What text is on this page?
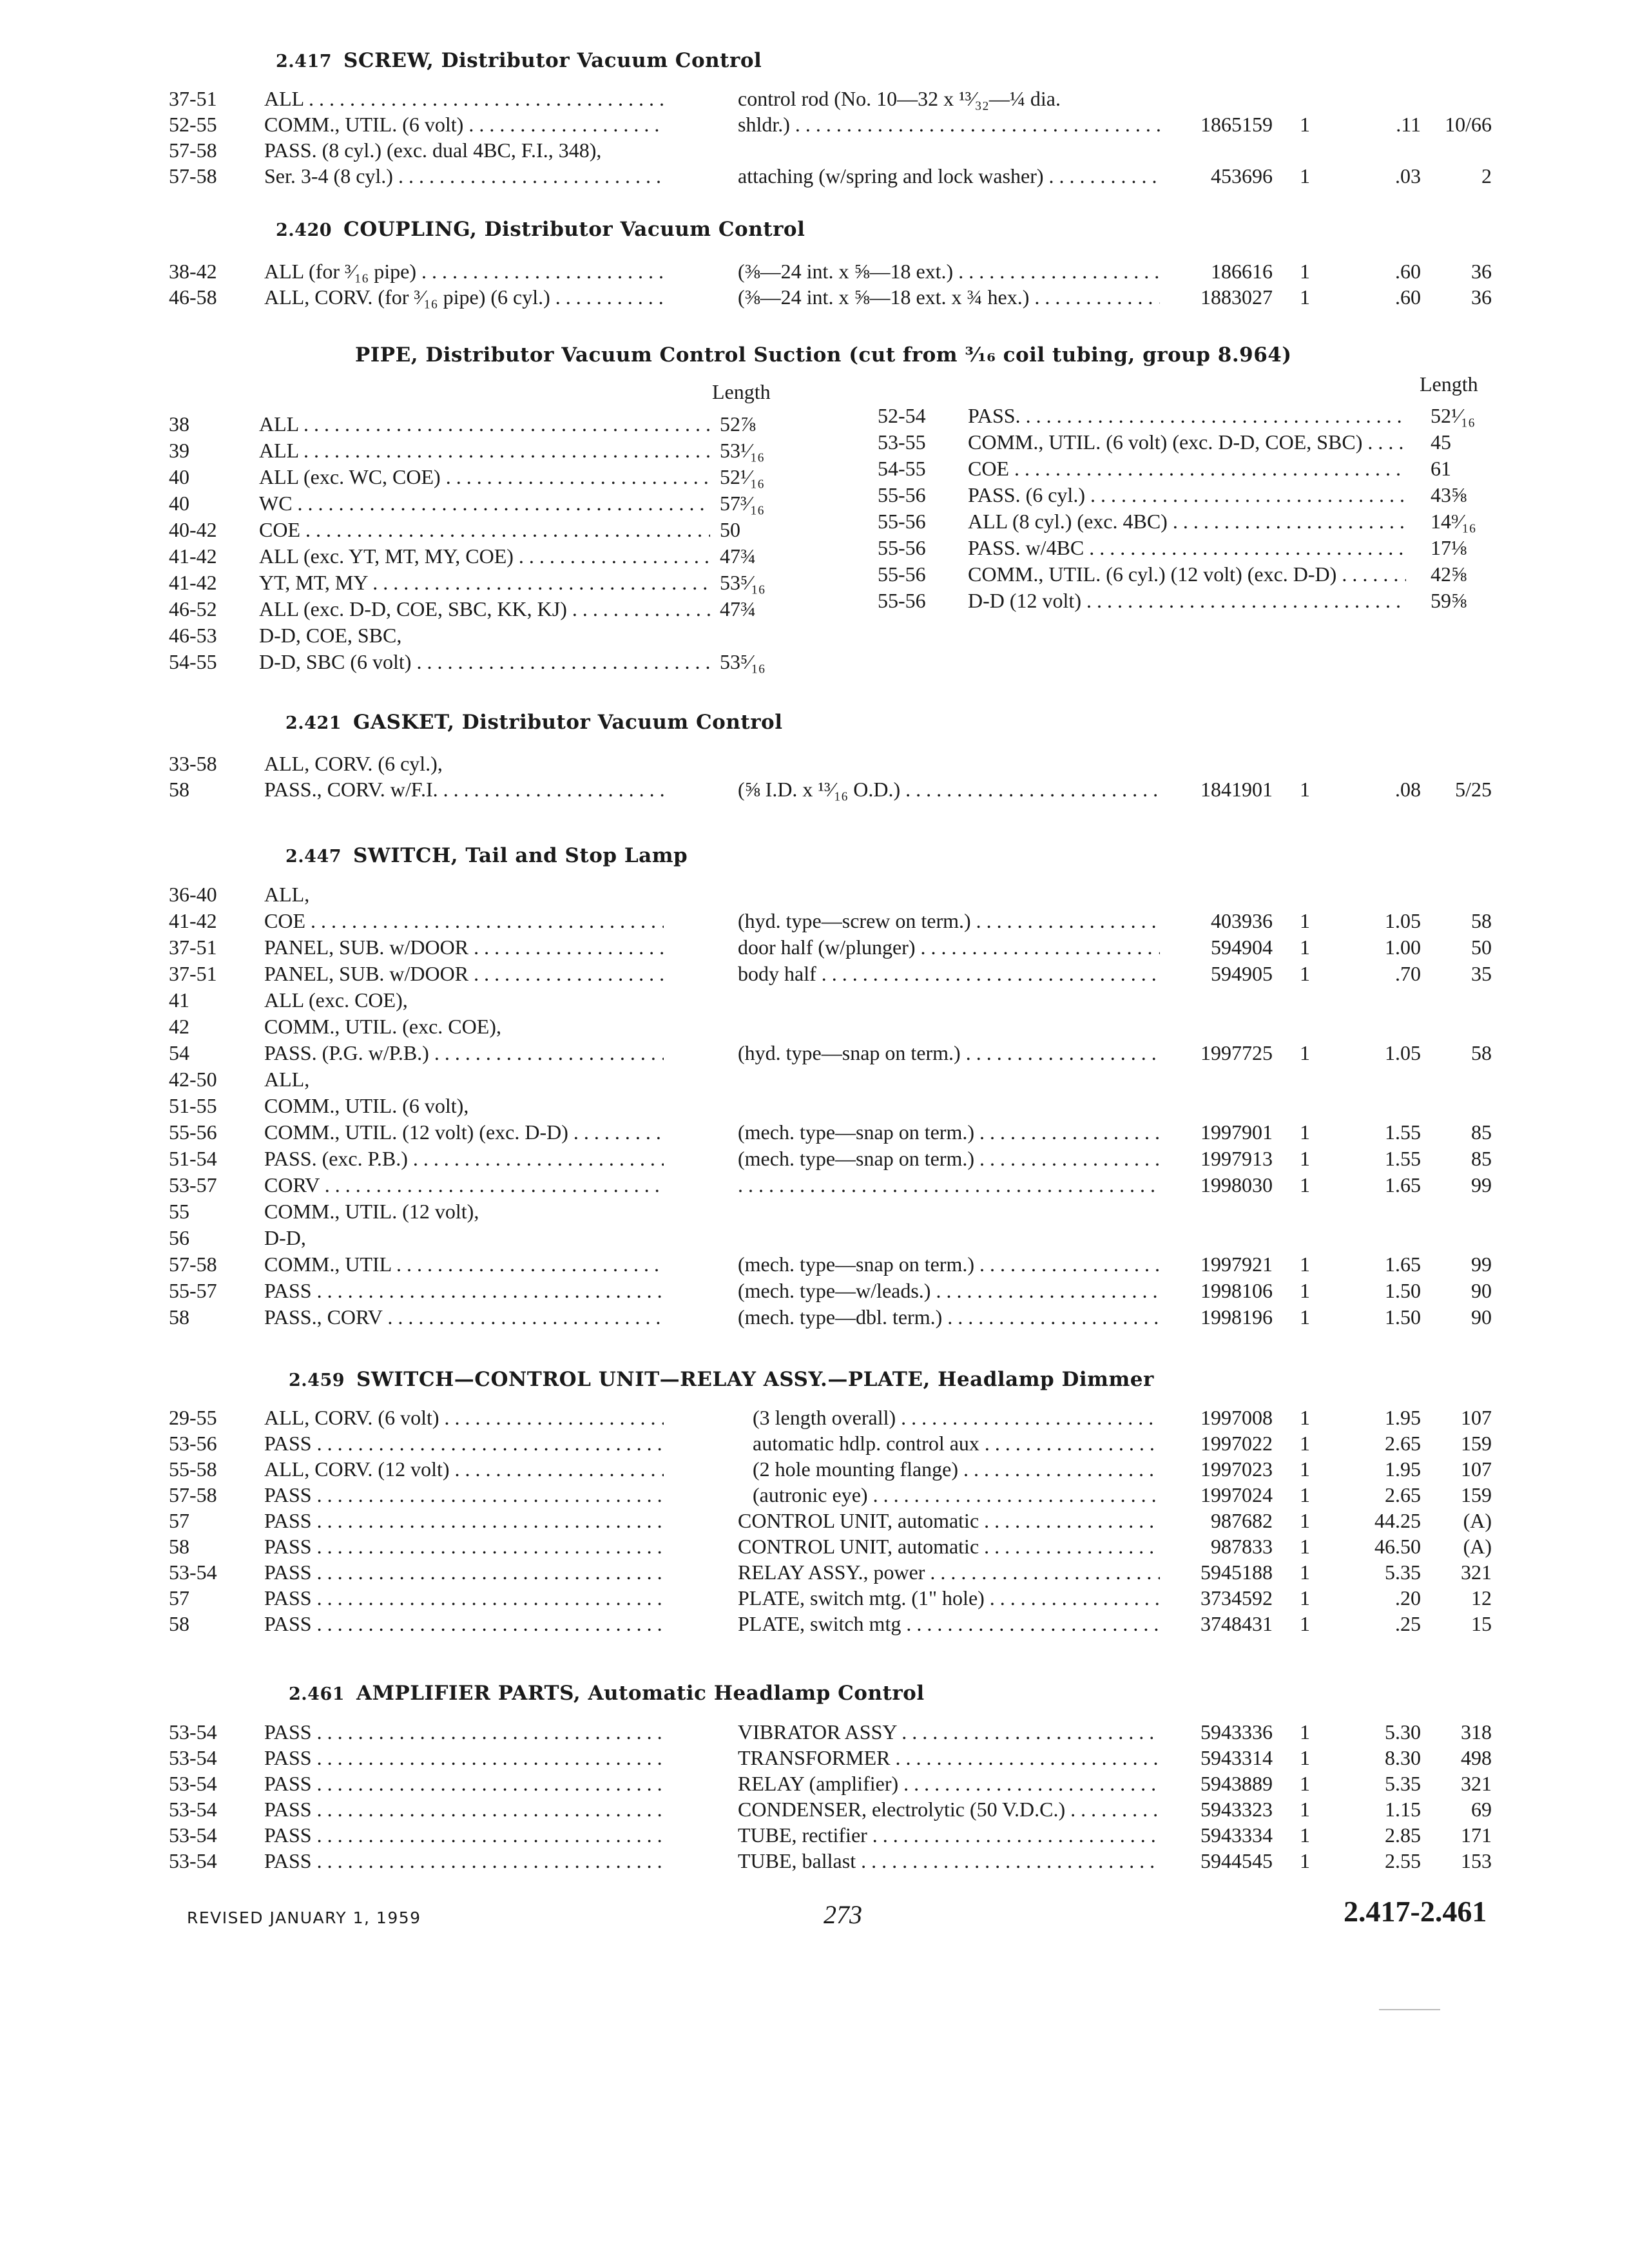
2.417 SCREW, Distributor Vacuum Control
37-51 ALL . . .	control rod (No. 10—32 x ¹³⁄₃₂—¼ dia.
52-55 COMM., UTIL. (6 volt) . . .	shldr.) . . .	1865159	1	.11	10/66
57-58 PASS. (8 cyl.) (exc. dual 4BC, F.I., 348),
57-58 Ser. 3-4 (8 cyl.) . . .	attaching (w/spring and lock washer) . . .	453696	1	.03	2
2.420 COUPLING, Distributor Vacuum Control
38-42 ALL (for ³⁄₁₆ pipe) . . .	(⅜—24 int. x ⅝—18 ext.) . . .	186616	1	.60	36
46-58 ALL, CORV. (for ³⁄₁₆ pipe) (6 cyl.) . . .	(⅜—24 int. x ⅝—18 ext. x ¾ hex.) . . .	1883027	1	.60	36
PIPE, Distributor Vacuum Control Suction (cut from ³⁄₁₆ coil tubing, group 8.964)
Length	Length
38	ALL . . .	52⅞
39	ALL . . .	53¹⁄₁₆
40	ALL (exc. WC, COE) . . .	52¹⁄₁₆
40	WC . . .	57³⁄₁₆
40-42 COE . . .	50
41-42 ALL (exc. YT, MT, MY, COE) . . .	47¾
41-42 YT, MT, MY . . .	53⁵⁄₁₆
46-52 ALL (exc. D-D, COE, SBC, KK, KJ) . . .	47¾
46-53 D-D, COE, SBC,
54-55 D-D, SBC (6 volt) . . .	53⁵⁄₁₆
52-54 PASS. . . .	52¹⁄₁₆
53-55 COMM., UTIL. (6 volt) (exc. D-D, COE, SBC) . . .	45
54-55 COE . . .	61
55-56 PASS. (6 cyl.) . . .	43⅝
55-56 ALL (8 cyl.) (exc. 4BC) . . .	14⁹⁄₁₆
55-56 PASS. w/4BC . . .	17⅛
55-56 COMM., UTIL. (6 cyl.) (12 volt) (exc. D-D) . . .	42⅝
55-56 D-D (12 volt) . . .	59⅝
2.421 GASKET, Distributor Vacuum Control
33-58 ALL, CORV. (6 cyl.),
58	PASS., CORV. w/F.I. . . .	(⅝ I.D. x ¹³⁄₁₆ O.D.) . . .	1841901	1	.08	5/25
2.447 SWITCH, Tail and Stop Lamp
36-40 ALL,
41-42 COE . . .	(hyd. type—screw on term.) . . .	403936	1	1.05	58
37-51 PANEL, SUB. w/DOOR . . .	door half (w/plunger) . . .	594904	1	1.00	50
37-51 PANEL, SUB. w/DOOR . . .	body half . . .	594905	1	.70	35
41	ALL (exc. COE),
42	COMM., UTIL. (exc. COE),
54	PASS. (P.G. w/P.B.) . . .	(hyd. type—snap on term.) . . .	1997725	1	1.05	58
42-50 ALL,
51-55 COMM., UTIL. (6 volt),
55-56 COMM., UTIL. (12 volt) (exc. D-D) . . .	(mech. type—snap on term.) . . .	1997901	1	1.55	85
51-54 PASS. (exc. P.B.) . . .	(mech. type—snap on term.) . . .	1997913	1	1.55	85
53-57 CORV . . . . . .	1998030	1	1.65	99
55	COMM., UTIL. (12 volt),
56	D-D,
57-58 COMM., UTIL . . .	(mech. type—snap on term.) . . .	1997921	1	1.65	99
55-57 PASS . . .	(mech. type—w/leads.) . . .	1998106	1	1.50	90
58	PASS., CORV . . .	(mech. type—dbl. term.) . . .	1998196	1	1.50	90
2.459 SWITCH—CONTROL UNIT—RELAY ASSY.—PLATE, Headlamp Dimmer
29-55 ALL, CORV. (6 volt) . . .	(3 length overall) . . .	1997008	1	1.95	107
53-56 PASS . . .	automatic hdlp. control aux . . .	1997022	1	2.65	159
55-58 ALL, CORV. (12 volt) . . .	(2 hole mounting flange) . . .	1997023	1	1.95	107
57-58 PASS . . .	(autronic eye) . . .	1997024	1	2.65	159
57	PASS . . .	CONTROL UNIT, automatic . . .	987682	1	44.25	(A)
58	PASS . . .	CONTROL UNIT, automatic . . .	987833	1	46.50	(A)
53-54 PASS . . .	RELAY ASSY., power . . .	5945188	1	5.35	321
57	PASS . . .	PLATE, switch mtg. (1" hole) . . .	3734592	1	.20	12
58	PASS . . .	PLATE, switch mtg . . .	3748431	1	.25	15
2.461 AMPLIFIER PARTS, Automatic Headlamp Control
53-54 PASS . . .	VIBRATOR ASSY . . .	5943336	1	5.30	318
53-54 PASS . . .	TRANSFORMER . . .	5943314	1	8.30	498
53-54 PASS . . .	RELAY (amplifier) . . .	5943889	1	5.35	321
53-54 PASS . . .	CONDENSER, electrolytic (50 V.D.C.) . . .	5943323	1	1.15	69
53-54 PASS . . .	TUBE, rectifier . . .	5943334	1	2.85	171
53-54 PASS . . .	TUBE, ballast . . .	5944545	1	2.55	153
REVISED JANUARY 1, 1959	273	2.417-2.461
